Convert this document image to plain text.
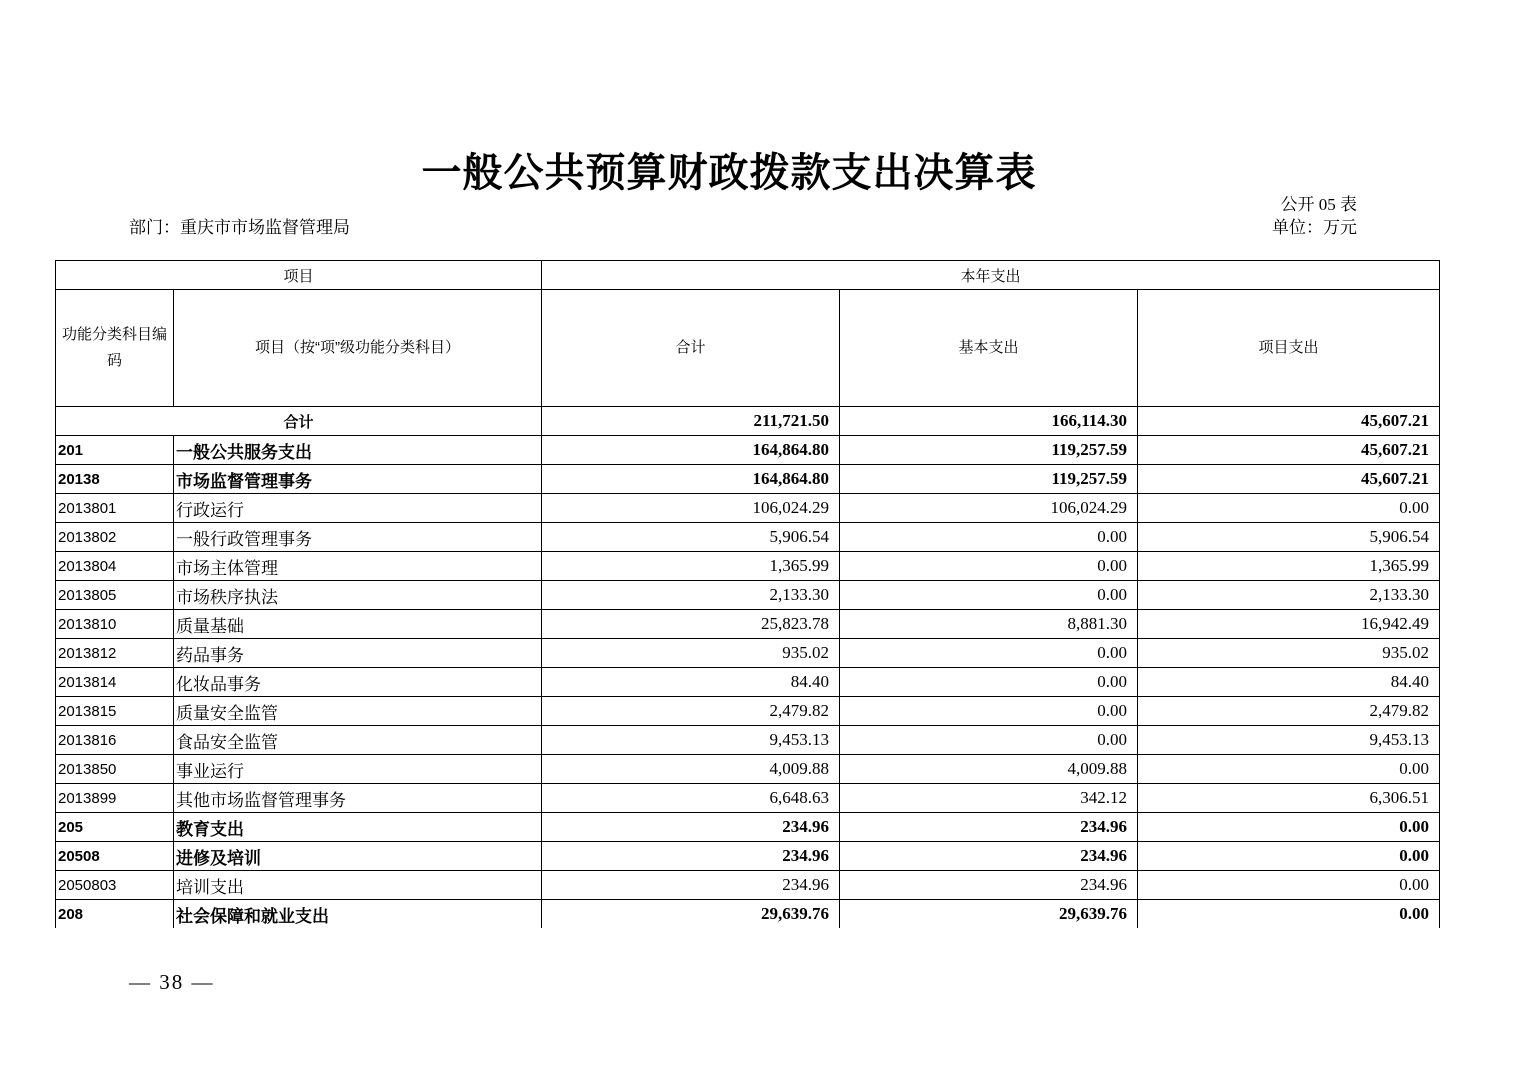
一般公共预算财政拨款支出决算表
公开 05 表
部门：重庆市市场监督管理局	单位：万元
项目		本年支出		
功能分类科目编码	项目（按“项”级功能分类科目）	合计	基本支出	项目支出
合计		211,721.50	166,114.30	45,607.21
201	一般公共服务支出	164,864.80	119,257.59	45,607.21
20138	市场监督管理事务	164,864.80	119,257.59	45,607.21
2013801	行政运行	106,024.29	106,024.29	0.00
2013802	一般行政管理事务	5,906.54	0.00	5,906.54
2013804	市场主体管理	1,365.99	0.00	1,365.99
2013805	市场秩序执法	2,133.30	0.00	2,133.30
2013810	质量基础	25,823.78	8,881.30	16,942.49
2013812	药品事务	935.02	0.00	935.02
2013814	化妆品事务	84.40	0.00	84.40
2013815	质量安全监管	2,479.82	0.00	2,479.82
2013816	食品安全监管	9,453.13	0.00	9,453.13
2013850	事业运行	4,009.88	4,009.88	0.00
2013899	其他市场监督管理事务	6,648.63	342.12	6,306.51
205	教育支出	234.96	234.96	0.00
20508	进修及培训	234.96	234.96	0.00
2050803	培训支出	234.96	234.96	0.00
208	社会保障和就业支出	29,639.76	29,639.76	0.00
— 38 —
